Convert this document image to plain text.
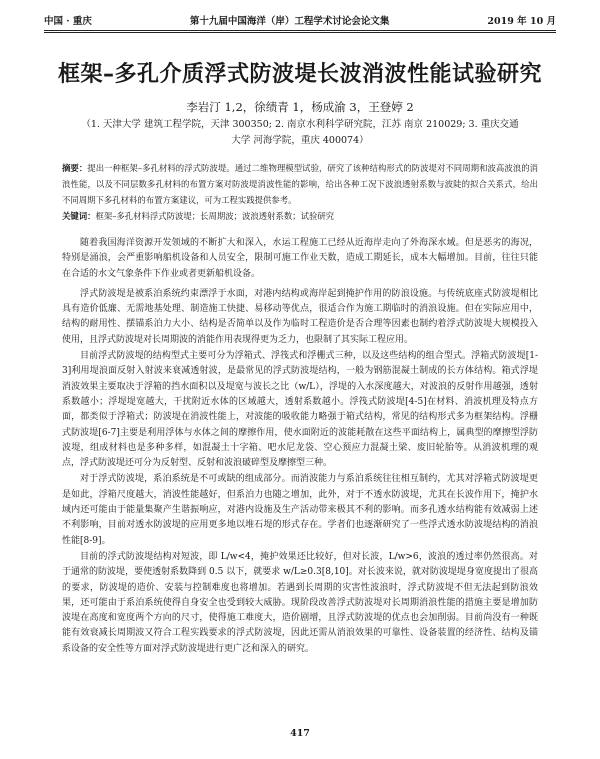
中国 · 重庆	第十九届中国海洋（岸）工程学术讨论会论文集	2019 年 10 月
框架–多孔介质浮式防波堤长波消波性能试验研究
李岩汀 1,2，徐绩青 1，杨成渝 3，王登婷 2
（1. 天津大学 建筑工程学院，天津 300350; 2. 南京水利科学研究院，江苏 南京 210029; 3. 重庆交通
大学 河海学院，重庆 400074）
摘要：提出一种框架–多孔材料的浮式防波堤。通过二维物理模型试验，研究了该种结构形式的防波堤对不同周期和波高波浪的消浪性能，以及不同层数多孔材料的布置方案对防波堤消波性能的影响，给出各种工况下波浪透射系数与波陡的拟合关系式，给出不同周期下多孔材料的布置方案建议，可为工程实践提供参考。
关键词：框架–多孔材料浮式防波堤；长周期波；波浪透射系数；试验研究

随着我国海洋资源开发领域的不断扩大和深入，水运工程施工已经从近海岸走向了外海深水域。但是恶劣的海况，特别是涌浪，会严重影响船机设备和人员安全，限制可施工作业天数，造成工期延长，成本大幅增加。目前，往往只能在合适的水文气象条件下作业或者更新船机设备。

浮式防波堤是被系泊系统约束漂浮于水面，对港内结构或海岸起到掩护作用的防浪设施。与传统底座式防波堤相比具有造价低廉、无需地基处理、制造施工快捷、易移动等优点，很适合作为施工期临时的消浪设施。但在实际应用中，结构的耐用性、摆锚系泊力大小、结构是否简单以及作为临时工程造价是否合理等因素也制约着浮式防波堤大规模投入使用，且浮式防波堤对长周期波的消能作用表现得更为乏力，也限制了其实际工程应用。

目前浮式防波堤的结构型式主要可分为浮箱式、浮筏式和浮栅式三种，以及这些结构的组合型式。浮箱式防波堤[1-3]利用堤浪面反射入射波来衰减透射波，是最常见的浮式防波堤结构，一般为钢筋混凝土制成的长方体结构。箱式浮堤消波效果主要取决于浮箱的挡水面积以及堤宽与波长之比（w/L），浮堤的入水深度越大，对波浪的反射作用越强，透射系数越小；浮堤堤宽越大，干扰附近水体的区域越大，透射系数越小。浮筏式防波堤[4-5]在材料、消波机理及特点方面，都类似于浮箱式；防波堤在消波性能上，对波能的吸收能力略强于箱式结构，常见的结构形式多为框架结构。浮栅式防波堤[6-7]主要是利用浮体与水体之间的摩擦作用，使水面附近的波能耗散在这些平面结构上，属典型的摩擦型浮防波堤，组成材料也是多种多样，如混凝土十字箱、吧水尼龙袋、空心预应力混凝土梁、废旧轮胎等。从消波机理的观点，浮式防波堤还可分为反射型、反射和波浪破碎型及摩擦型三种。

对于浮式防波堤，系泊系统是不可或缺的组成部分。而消波能力与系泊系统往往相互制约，尤其对浮箱式防波堤更是如此，浮箱尺度越大，消波性能越好，但系泊力也随之增加，此外，对于不透水防波堤，尤其在长波作用下，掩护水域内还可能由于能量集聚产生谐振响应，对港内设施及生产活动带来极其不利的影响。而多孔透水结构能有效减弱上述不利影响，目前对透水防波堤的应用更多地以堆石堤的形式存在。学者们也逐渐研究了一些浮式透水防波堤结构的消浪性能[8-9]。

目前的浮式防波堤结构对短波，即 L/w<4，掩护效果还比较好，但对长波，L/w>6，波浪的透过率仍然很高。对于通常的防波堤，要使透射系数降到 0.5 以下，就要求 w/L≥0.3[8,10]。对长波来说，就对防波堤堤身宽度提出了很高的要求，防波堤的造价、安装与控制难度也将增加。若遇到长周期的灾害性波浪时，浮式防波堤不但无法起到防浪效果，还可能由于系泊系统使得自身安全也受到较大威胁。现阶段改善浮式防波堤对长周期消浪性能的措施主要是增加防波堤在高度和宽度两个方向的尺寸，使得施工难度大，造价剧增，且浮式防波堤的优点也会加削弱。目前尚没有一种既能有效衰减长周期波又符合工程实践要求的浮式防波堤，因此还需从消浪效果的可靠性、设备装置的经济性、结构及锚系设备的安全性等方面对浮式防波堤进行更广泛和深入的研究。

417
